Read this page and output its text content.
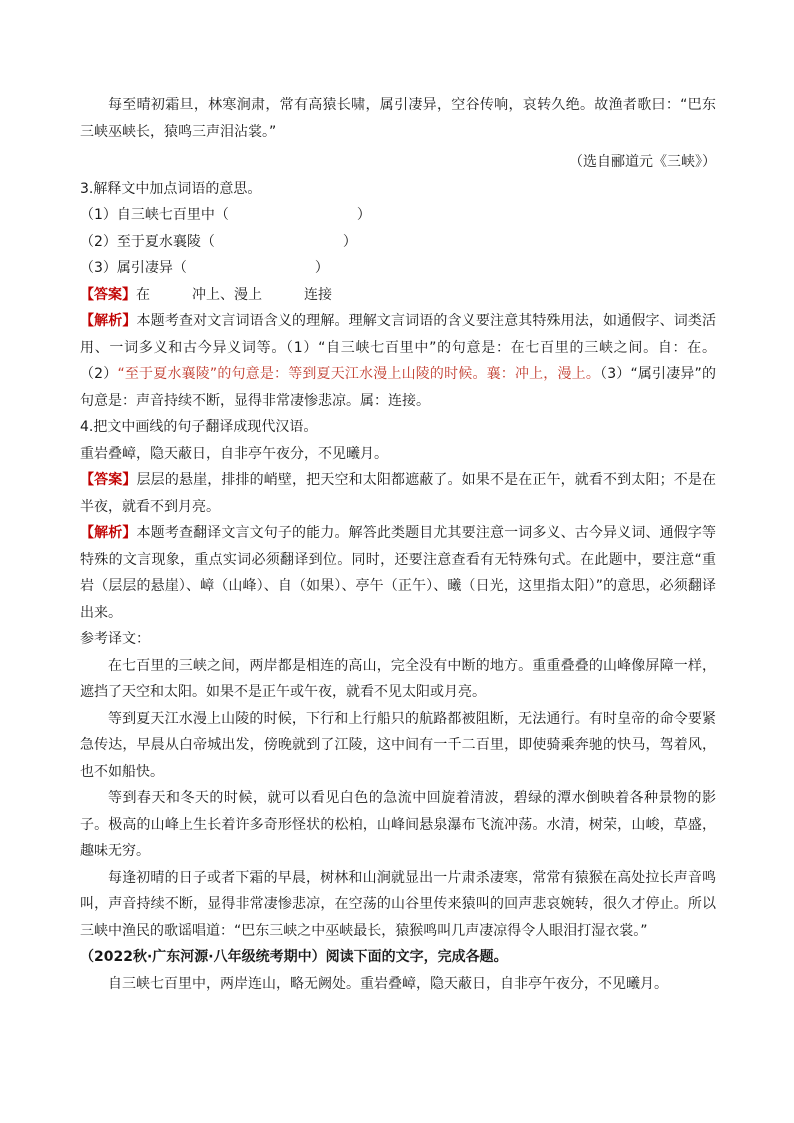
每至晴初霜旦，林寒涧肃，常有高猿长啸，属引凄异，空谷传响，哀转久绝。故渔者歌曰：“巴东三峡巫峡长，猿鸣三声泪沾裳。”
（选自郦道元《三峡》）
3.解释文中加点词语的意思。
（1）自三峡七百里中（	）
（2）至于夏水襄陵（	）
（3）属引凄异（	）
【答案】在	冲上、漫上	连接
【解析】本题考查对文言词语含义的理解。理解文言词语的含义要注意其特殊用法，如通假字、词类活用、一词多义和古今异义词等。（1）“自三峡七百里中”的句意是：在七百里的三峡之间。自：在。（2）“至于夏水襄陵”的句意是：等到夏天江水漫上山陵的时候。襄：冲上，漫上。（3）“属引凄异”的句意是：声音持续不断，显得非常凄惨悲凉。属：连接。
4.把文中画线的句子翻译成现代汉语。
重岩叠嶂，隐天蔽日，自非亭午夜分，不见曦月。
【答案】层层的悬崖，排排的峭壁，把天空和太阳都遮蔽了。如果不是在正午，就看不到太阳；不是在半夜，就看不到月亮。
【解析】本题考查翻译文言文句子的能力。解答此类题目尤其要注意一词多义、古今异义词、通假字等特殊的文言现象，重点实词必须翻译到位。同时，还要注意查看有无特殊句式。在此题中，要注意“重岩（层层的悬崖）、嶂（山峰）、自（如果）、亭午（正午）、曦（日光，这里指太阳）”的意思，必须翻译出来。
参考译文：
在七百里的三峡之间，两岸都是相连的高山，完全没有中断的地方。重重叠叠的山峰像屏障一样，遮挡了天空和太阳。如果不是正午或午夜，就看不见太阳或月亮。
等到夏天江水漫上山陵的时候，下行和上行船只的航路都被阻断，无法通行。有时皇帝的命令要紧急传达，早晨从白帝城出发，傍晚就到了江陵，这中间有一千二百里，即使骑乘奔驰的快马，驾着风，也不如船快。
等到春天和冬天的时候，就可以看见白色的急流中回旋着清波，碧绿的潭水倒映着各种景物的影子。极高的山峰上生长着许多奇形怪状的松柏，山峰间悬泉瀑布飞流冲荡。水清，树荣，山峻，草盛，趣味无穷。
每逢初晴的日子或者下霜的早晨，树林和山涧就显出一片肃杀凄寒，常常有猿猴在高处拉长声音鸣叫，声音持续不断，显得非常凄惨悲凉，在空荡的山谷里传来猿叫的回声悲哀婉转，很久才停止。所以三峡中渔民的歌谣唱道：“巴东三峡之中巫峡最长，猿猴鸣叫几声凄凉得令人眼泪打湿衣裳。”
（2022秋·广东河源·八年级统考期中）阅读下面的文字，完成各题。
自三峡七百里中，两岸连山，略无阙处。重岩叠嶂，隐天蔽日，自非亭午夜分，不见曦月。
